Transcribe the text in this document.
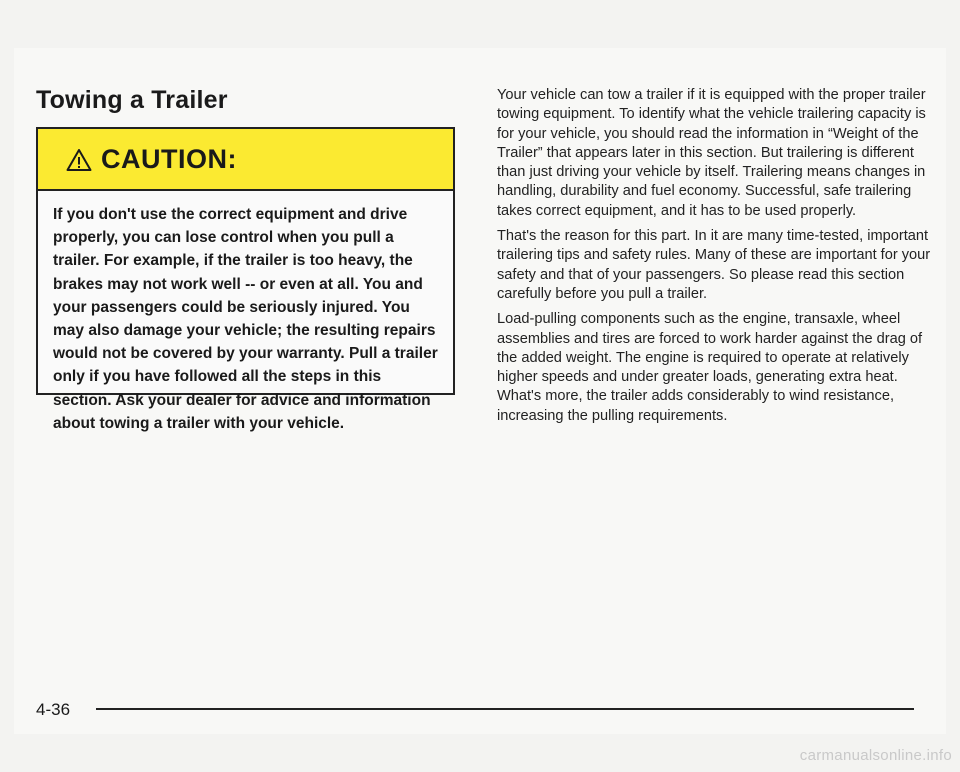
Towing a Trailer
CAUTION:
If you don't use the correct equipment and drive properly, you can lose control when you pull a trailer. For example, if the trailer is too heavy, the brakes may not work well -- or even at all. You and your passengers could be seriously injured. You may also damage your vehicle; the resulting repairs would not be covered by your warranty. Pull a trailer only if you have followed all the steps in this section. Ask your dealer for advice and information about towing a trailer with your vehicle.

Your vehicle can tow a trailer if it is equipped with the proper trailer towing equipment. To identify what the vehicle trailering capacity is for your vehicle, you should read the information in “Weight of the Trailer” that appears later in this section. But trailering is different than just driving your vehicle by itself. Trailering means changes in handling, durability and fuel economy. Successful, safe trailering takes correct equipment, and it has to be used properly.

That's the reason for this part. In it are many time-tested, important trailering tips and safety rules. Many of these are important for your safety and that of your passengers. So please read this section carefully before you pull a trailer.

Load-pulling components such as the engine, transaxle, wheel assemblies and tires are forced to work harder against the drag of the added weight. The engine is required to operate at relatively higher speeds and under greater loads, generating extra heat. What's more, the trailer adds considerably to wind resistance, increasing the pulling requirements.

4-36
carmanualsonline.info
